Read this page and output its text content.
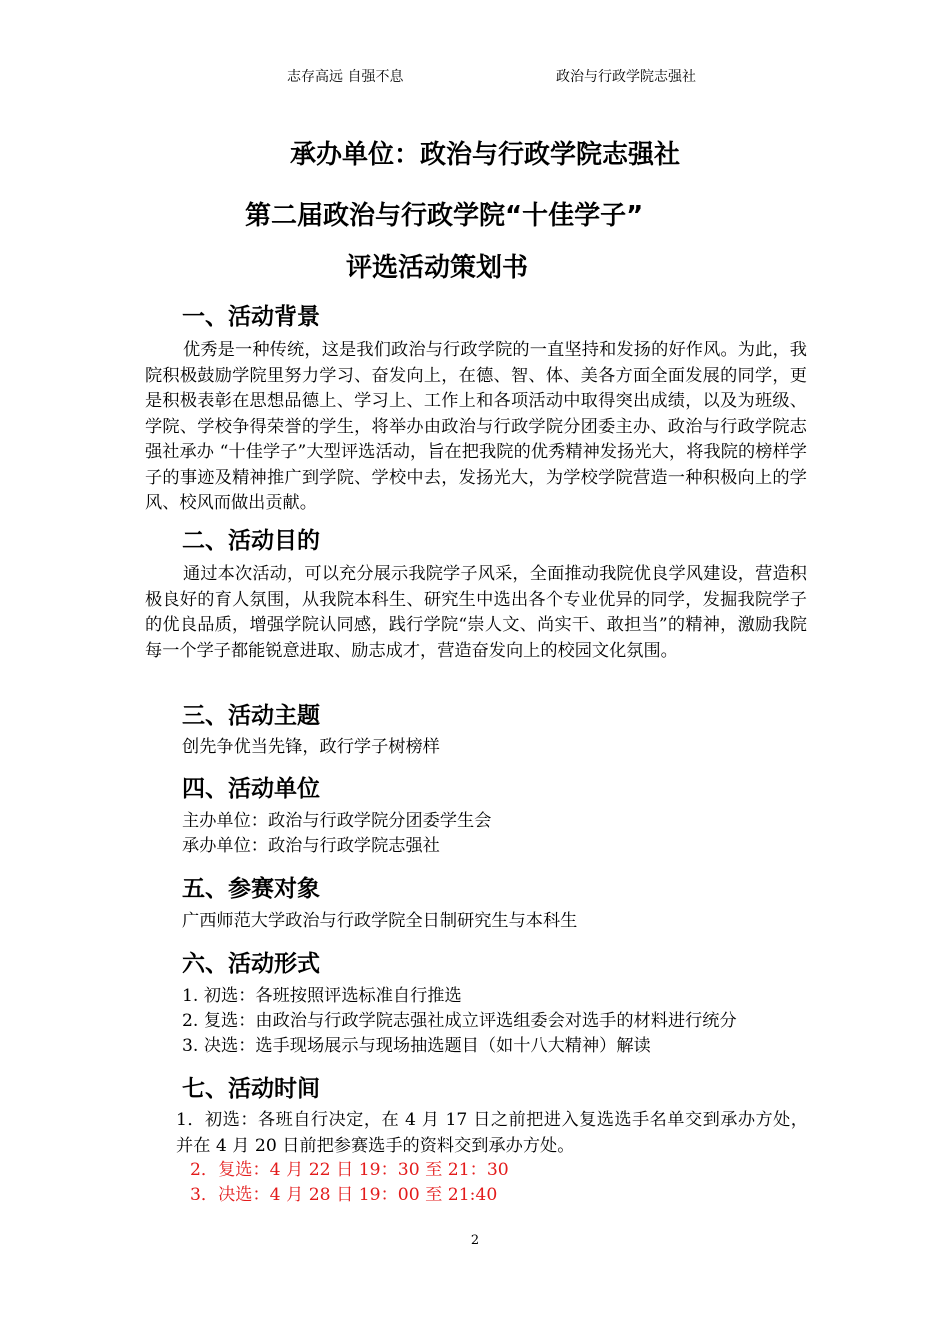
志存高远 自强不息	政治与行政学院志强社
承办单位：政治与行政学院志强社
第二届政治与行政学院“十佳学子”
评选活动策划书
一、活动背景
优秀是一种传统，这是我们政治与行政学院的一直坚持和发扬的好作风。为此，我院积极鼓励学院里努力学习、奋发向上，在德、智、体、美各方面全面发展的同学，更是积极表彰在思想品德上、学习上、工作上和各项活动中取得突出成绩，以及为班级、学院、学校争得荣誉的学生，将举办由政治与行政学院分团委主办、政治与行政学院志强社承办 “十佳学子”大型评选活动，旨在把我院的优秀精神发扬光大，将我院的榜样学子的事迹及精神推广到学院、学校中去，发扬光大，为学校学院营造一种积极向上的学风、校风而做出贡献。
二、活动目的
通过本次活动，可以充分展示我院学子风采，全面推动我院优良学风建设，营造积极良好的育人氛围，从我院本科生、研究生中选出各个专业优异的同学，发掘我院学子的优良品质，增强学院认同感，践行学院“崇人文、尚实干、敢担当”的精神，激励我院每一个学子都能锐意进取、励志成才，营造奋发向上的校园文化氛围。
三、活动主题
创先争优当先锋，政行学子树榜样
四、活动单位
主办单位：政治与行政学院分团委学生会
承办单位：政治与行政学院志强社
五、参赛对象
广西师范大学政治与行政学院全日制研究生与本科生
六、活动形式
1. 初选：各班按照评选标准自行推选
2. 复选：由政治与行政学院志强社成立评选组委会对选手的材料进行统分
3. 决选：选手现场展示与现场抽选题目（如十八大精神）解读
七、活动时间
1．初选：各班自行决定，在 4 月 17 日之前把进入复选选手名单交到承办方处，并在 4 月 20 日前把参赛选手的资料交到承办方处。
2．复选：4 月 22 日 19：30 至 21：30
3．决选：4 月 28 日 19：00 至 21:40
2
